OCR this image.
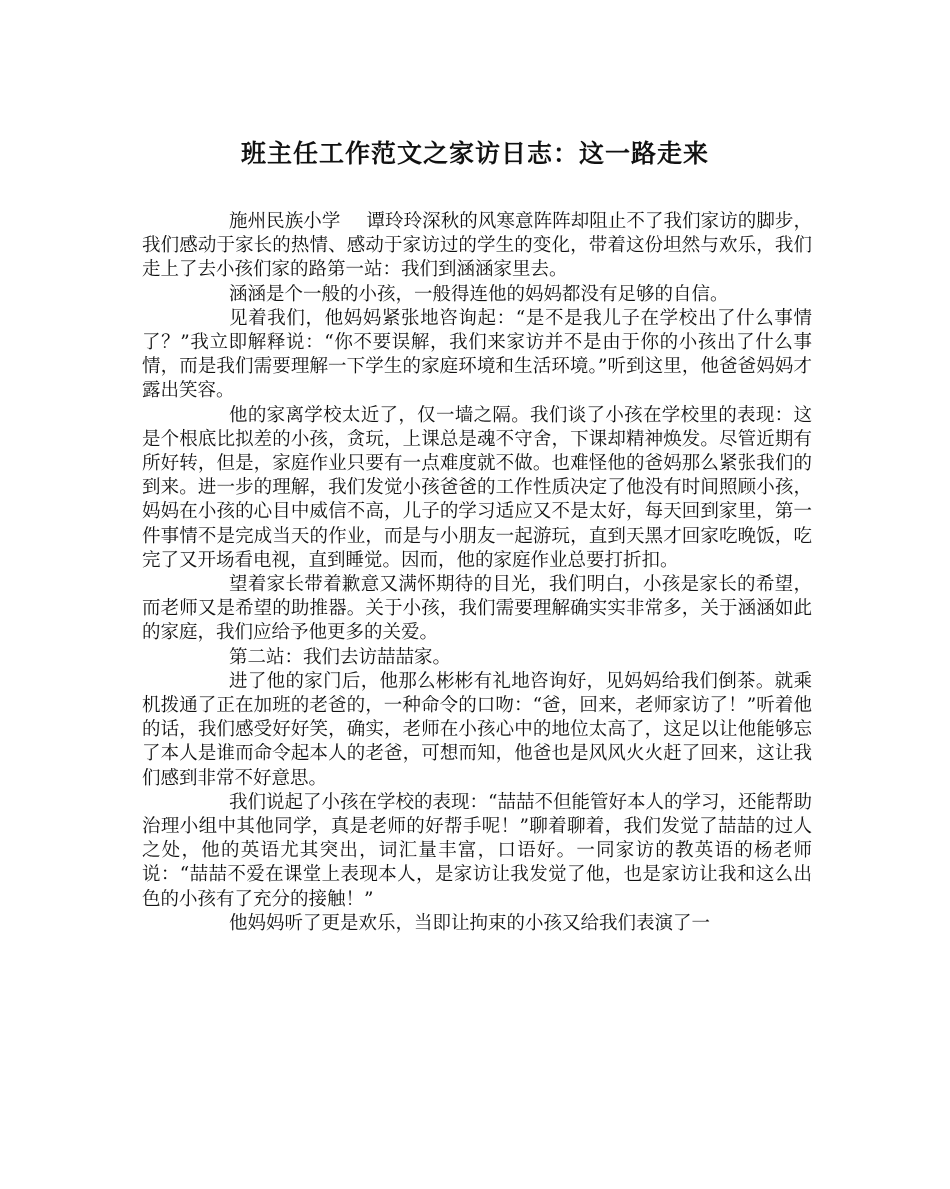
班主任工作范文之家访日志：这一路走来

施州民族小学 谭玲玲深秋的风寒意阵阵却阻止不了我们家访的脚步，我们感动于家长的热情、感动于家访过的学生的变化，带着这份坦然与欢乐，我们走上了去小孩们家的路第一站：我们到涵涵家里去。

涵涵是个一般的小孩，一般得连他的妈妈都没有足够的自信。

见着我们，他妈妈紧张地咨询起：“是不是我儿子在学校出了什么事情了？”我立即解释说：“你不要误解，我们来家访并不是由于你的小孩出了什么事情，而是我们需要理解一下学生的家庭环境和生活环境。”听到这里，他爸爸妈妈才露出笑容。

他的家离学校太近了，仅一墙之隔。我们谈了小孩在学校里的表现：这是个根底比拟差的小孩，贪玩，上课总是魂不守舍，下课却精神焕发。尽管近期有所好转，但是，家庭作业只要有一点难度就不做。也难怪他的爸妈那么紧张我们的到来。进一步的理解，我们发觉小孩爸爸的工作性质决定了他没有时间照顾小孩，妈妈在小孩的心目中威信不高，儿子的学习适应又不是太好，每天回到家里，第一件事情不是完成当天的作业，而是与小朋友一起游玩，直到天黑才回家吃晚饭，吃完了又开场看电视，直到睡觉。因而，他的家庭作业总要打折扣。

望着家长带着歉意又满怀期待的目光，我们明白，小孩是家长的希望，而老师又是希望的助推器。关于小孩，我们需要理解确实实非常多，关于涵涵如此的家庭，我们应给予他更多的关爱。

第二站：我们去访喆喆家。

进了他的家门后，他那么彬彬有礼地咨询好，见妈妈给我们倒茶。就乘机拨通了正在加班的老爸的，一种命令的口吻：“爸，回来，老师家访了！”听着他的话，我们感受好好笑，确实，老师在小孩心中的地位太高了，这足以让他能够忘了本人是谁而命令起本人的老爸，可想而知，他爸也是风风火火赶了回来，这让我们感到非常不好意思。

我们说起了小孩在学校的表现：“喆喆不但能管好本人的学习，还能帮助治理小组中其他同学，真是老师的好帮手呢！”聊着聊着，我们发觉了喆喆的过人之处，他的英语尤其突出，词汇量丰富，口语好。一同家访的教英语的杨老师说：“喆喆不爱在课堂上表现本人，是家访让我发觉了他，也是家访让我和这么出色的小孩有了充分的接触！”

他妈妈听了更是欢乐，当即让拘束的小孩又给我们表演了一
